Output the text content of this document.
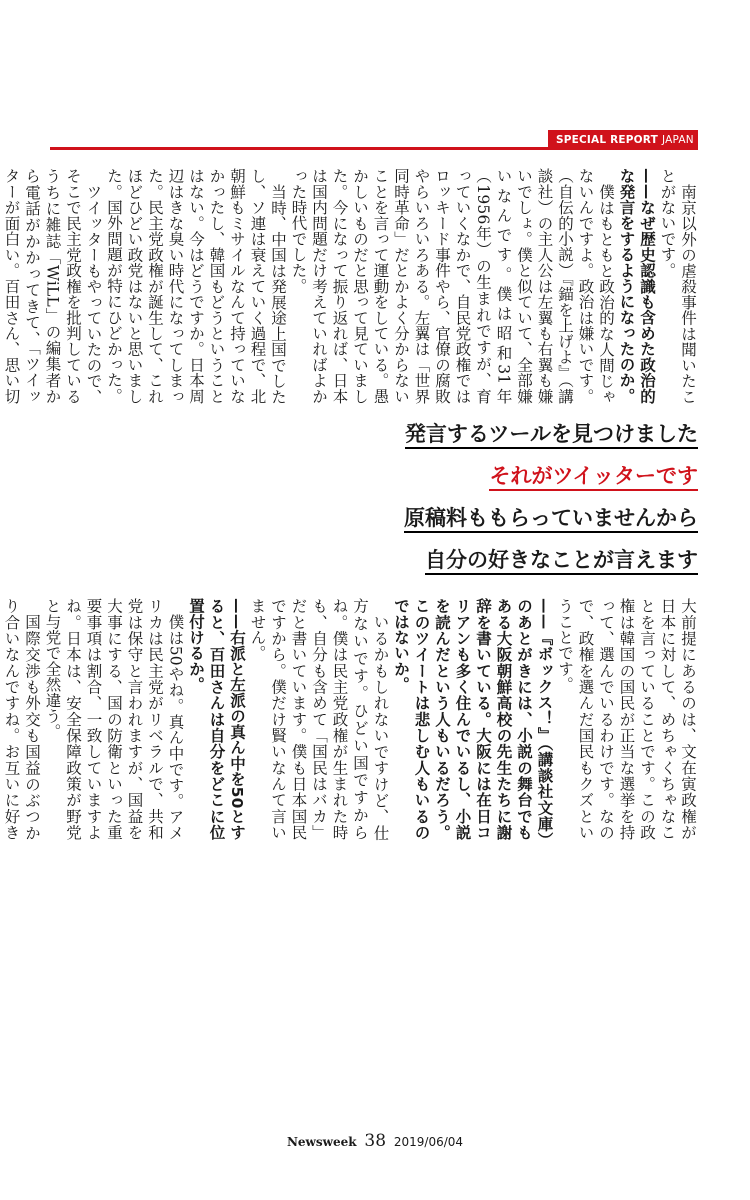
SPECIAL REPORT JAPAN
発言するツールを見つけました
それがツイッターです
原稿料ももらっていませんから
自分の好きなことが言えます
Newsweek 38 2019/06/04

南京以外の虐殺事件は聞いたことがないです。

——なぜ歴史認識も含めた政治的な発言をするようになったのか。

僕はもともと政治的な人間じゃないんですよ。政治は嫌いです。（自伝的小説）『錨を上げよ』（講談社）の主人公は左翼も右翼も嫌いでしょ。僕と似ていて、全部嫌いなんです。僕は昭和31年（1956年）の生まれですが、育っていくなかで、自民党政権ではロッキード事件やら、官僚の腐敗やらいろいろある。左翼は「世界同時革命」だとかよく分からないことを言って運動をしている。愚かしいものだと思って見ていました。今になって振り返れば、日本は国内問題だけ考えていればよかった時代でした。

当時、中国は発展途上国でしたし、ソ連は衰えていく過程で、北朝鮮もミサイルなんて持っていなかったし、韓国もどうということはない。今はどうですか。日本周辺はきな臭い時代になってしまった。民主党政権が誕生して、これほどひどい政党はないと思いました。国外問題が特にひどかった。

ツイッターもやっていたので、そこで民主党政権を批判しているうちに雑誌「WiLL」の編集者から電話がかかってきて、「ツイッターが面白い。百田さん、思い切

大前提にあるのは、文在寅政権が日本に対して、めちゃくちゃなことを言っていることです。この政権は韓国の国民が正当な選挙を持って、選んでいるわけです。なので、政権を選んだ国民もクズということです。

——『ボックス！』（講談社文庫）のあとがきには、小説の舞台でもある大阪朝鮮高校の先生たちに謝辞を書いている。大阪には在日コリアンも多く住んでいるし、小説を読んだという人もいるだろう。このツイートは悲しむ人もいるのではないか。

いるかもしれないですけど、仕方ないです。ひどい国ですからね。僕は民主党政権が生まれた時も、自分も含めて「国民はバカ」だと書いています。僕も日本国民ですから。僕だけ賢いなんて言いません。

——右派と左派の真ん中を50とすると、百田さんは自分をどこに位置付けるか。

僕は50やね。真ん中です。アメリカは民主党がリベラルで、共和党は保守と言われますが、国益を大事にする、国の防衛といった重要事項は割合、一致していますよね。日本は、安全保障政策が野党と与党で全然違う。

国際交渉も外交も国益のぶつかり合いなんですね。お互いに好き
